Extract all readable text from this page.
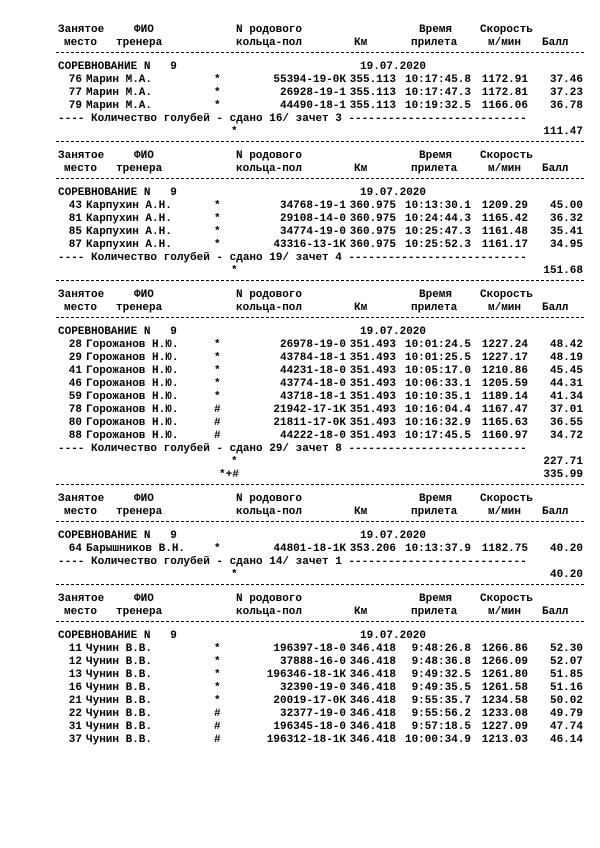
Занятое	ФИО	N родового	Время	Скорость
место тренера	кольца-пол	Км	прилета	м/мин Балл
СОРЕВНОВАНИЕ N   9	19.07.2020
76 Марин М.А.	*	55394-19-0К 355.113 10:17:45.8 1172.91	37.46
77 Марин М.А.	*	26928-19-1 355.113 10:17:47.3 1172.81	37.23
79 Марин М.А.	*	44490-18-1 355.113 10:19:32.5 1166.06	36.78
---- Количество голубей - сдано 16/ зачет 3 ---------------------------
*	111.47
Занятое	ФИО	N родового	Время	Скорость
место тренера	кольца-пол	Км	прилета	м/мин Балл
СОРЕВНОВАНИЕ N   9	19.07.2020
43 Карпухин А.Н.	*	34768-19-1 360.975 10:13:30.1 1209.29	45.00
81 Карпухин А.Н.	*	29108-14-0 360.975 10:24:44.3 1165.42	36.32
85 Карпухин А.Н.	*	34774-19-0 360.975 10:25:47.3 1161.48	35.41
87 Карпухин А.Н.	*	43316-13-1К 360.975 10:25:52.3 1161.17	34.95
---- Количество голубей - сдано 19/ зачет 4 ---------------------------
*	151.68
Занятое	ФИО	N родового	Время	Скорость
место тренера	кольца-пол	Км	прилета	м/мин Балл
СОРЕВНОВАНИЕ N   9	19.07.2020
28 Горожанов Н.Ю.	*	26978-19-0 351.493 10:01:24.5 1227.24	48.42
29 Горожанов Н.Ю.	*	43784-18-1 351.493 10:01:25.5 1227.17	48.19
41 Горожанов Н.Ю.	*	44231-18-0 351.493 10:05:17.0 1210.86	45.45
46 Горожанов Н.Ю.	*	43774-18-0 351.493 10:06:33.1 1205.59	44.31
59 Горожанов Н.Ю.	*	43718-18-1 351.493 10:10:35.1 1189.14	41.34
78 Горожанов Н.Ю.	#	21942-17-1К 351.493 10:16:04.4 1167.47	37.01
80 Горожанов Н.Ю.	#	21811-17-0К 351.493 10:16:32.9 1165.63	36.55
88 Горожанов Н.Ю.	#	44222-18-0 351.493 10:17:45.5 1160.97	34.72
---- Количество голубей - сдано 29/ зачет 8 ---------------------------
*	227.71
*+#	335.99
Занятое	ФИО	N родового	Время	Скорость
место тренера	кольца-пол	Км	прилета	м/мин Балл
СОРЕВНОВАНИЕ N   9	19.07.2020
64 Барышников В.Н.	*	44801-18-1К 353.206 10:13:37.9 1182.75	40.20
---- Количество голубей - сдано 14/ зачет 1 ---------------------------
*	40.20
Занятое	ФИО	N родового	Время	Скорость
место тренера	кольца-пол	Км	прилета	м/мин Балл
СОРЕВНОВАНИЕ N   9	19.07.2020
11 Чунин В.В.	*	196397-18-0 346.418	9:48:26.8 1266.86	52.30
12 Чунин В.В.	*	37888-16-0 346.418	9:48:36.8 1266.09	52.07
13 Чунин В.В.	*	196346-18-1К 346.418	9:49:32.5 1261.80	51.85
16 Чунин В.В.	*	32390-19-0 346.418	9:49:35.5 1261.58	51.16
21 Чунин В.В.	*	20019-17-0К 346.418	9:55:35.7 1234.58	50.02
22 Чунин В.В.	#	32377-19-0 346.418	9:55:56.2 1233.08	49.79
31 Чунин В.В.	#	196345-18-0 346.418	9:57:18.5 1227.09	47.74
37 Чунин В.В.	#	196312-18-1К 346.418 10:00:34.9 1213.03	46.14
